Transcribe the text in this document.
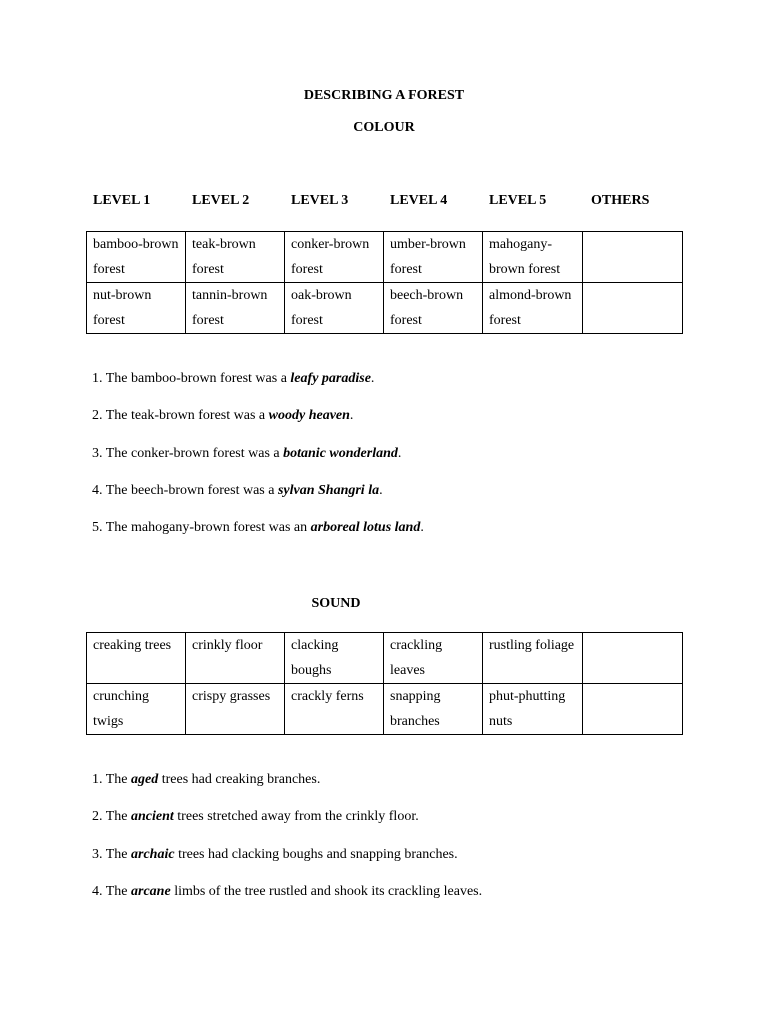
DESCRIBING A FOREST
COLOUR
LEVEL 1	LEVEL 2	LEVEL 3	LEVEL 4	LEVEL 5	OTHERS
bamboo-brown forest	teak-brown forest	conker-brown forest	umber-brown forest	mahogany-brown forest	
nut-brown forest	tannin-brown forest	oak-brown forest	beech-brown forest	almond-brown forest	
1. The bamboo-brown forest was a leafy paradise.
2. The teak-brown forest was a woody heaven.
3. The conker-brown forest was a botanic wonderland.
4. The beech-brown forest was a sylvan Shangri la.
5. The mahogany-brown forest was an arboreal lotus land.
SOUND
creaking trees	crinkly floor	clacking boughs	crackling leaves	rustling foliage	
crunching twigs	crispy grasses	crackly ferns	snapping branches	phut-phutting nuts	
1. The aged trees had creaking branches.
2. The ancient trees stretched away from the crinkly floor.
3. The archaic trees had clacking boughs and snapping branches.
4. The arcane limbs of the tree rustled and shook its crackling leaves.
